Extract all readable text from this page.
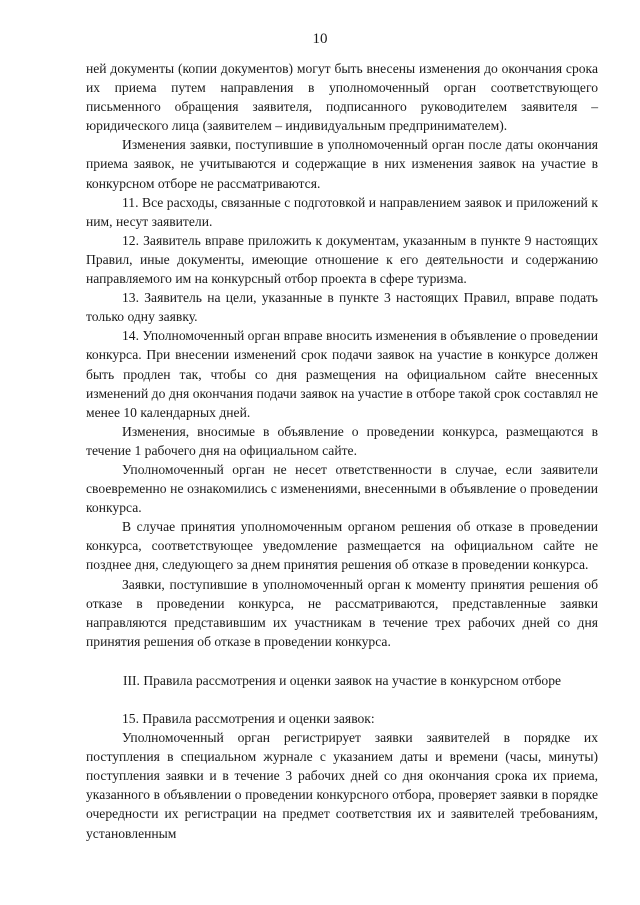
10

ней документы (копии документов) могут быть внесены изменения до окончания срока их приема путем направления в уполномоченный орган соответствующего письменного обращения заявителя, подписанного руководителем заявителя – юридического лица (заявителем – индивидуальным предпринимателем).

Изменения заявки, поступившие в уполномоченный орган после даты окончания приема заявок, не учитываются и содержащие в них изменения заявок на участие в конкурсном отборе не рассматриваются.

11. Все расходы, связанные с подготовкой и направлением заявок и приложений к ним, несут заявители.

12. Заявитель вправе приложить к документам, указанным в пункте 9 настоящих Правил, иные документы, имеющие отношение к его деятельности и содержанию направляемого им на конкурсный отбор проекта в сфере туризма.

13. Заявитель на цели, указанные в пункте 3 настоящих Правил, вправе подать только одну заявку.

14. Уполномоченный орган вправе вносить изменения в объявление о проведении конкурса. При внесении изменений срок подачи заявок на участие в конкурсе должен быть продлен так, чтобы со дня размещения на официальном сайте внесенных изменений до дня окончания подачи заявок на участие в отборе такой срок составлял не менее 10 календарных дней.

Изменения, вносимые в объявление о проведении конкурса, размещаются в течение 1 рабочего дня на официальном сайте.

Уполномоченный орган не несет ответственности в случае, если заявители своевременно не ознакомились с изменениями, внесенными в объявление о проведении конкурса.

В случае принятия уполномоченным органом решения об отказе в проведении конкурса, соответствующее уведомление размещается на официальном сайте не позднее дня, следующего за днем принятия решения об отказе в проведении конкурса.

Заявки, поступившие в уполномоченный орган к моменту принятия решения об отказе в проведении конкурса, не рассматриваются, представленные заявки направляются представившим их участникам в течение трех рабочих дней со дня принятия решения об отказе в проведении конкурса.

III. Правила рассмотрения и оценки заявок на участие в конкурсном отборе

15. Правила рассмотрения и оценки заявок:

Уполномоченный орган регистрирует заявки заявителей в порядке их поступления в специальном журнале с указанием даты и времени (часы, минуты) поступления заявки и в течение 3 рабочих дней со дня окончания срока их приема, указанного в объявлении о проведении конкурсного отбора, проверяет заявки в порядке очередности их регистрации на предмет соответствия их и заявителей требованиям, установленным
